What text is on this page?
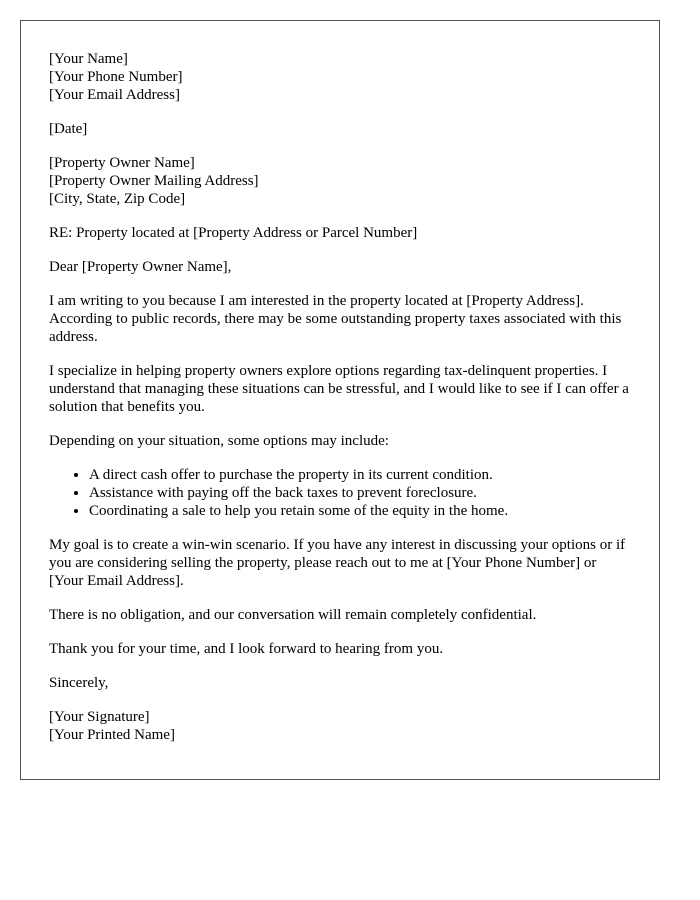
[Your Name]
[Your Phone Number]
[Your Email Address]
[Date]
[Property Owner Name]
[Property Owner Mailing Address]
[City, State, Zip Code]

RE: Property located at [Property Address or Parcel Number]

Dear [Property Owner Name],

I am writing to you because I am interested in the property located at [Property Address]. According to public records, there may be some outstanding property taxes associated with this address.

I specialize in helping property owners explore options regarding tax-delinquent properties. I understand that managing these situations can be stressful, and I would like to see if I can offer a solution that benefits you.

Depending on your situation, some options may include:

• A direct cash offer to purchase the property in its current condition.
• Assistance with paying off the back taxes to prevent foreclosure.
• Coordinating a sale to help you retain some of the equity in the home.

My goal is to create a win-win scenario. If you have any interest in discussing your options or if you are considering selling the property, please reach out to me at [Your Phone Number] or [Your Email Address].

There is no obligation, and our conversation will remain completely confidential.

Thank you for your time, and I look forward to hearing from you.

Sincerely,

[Your Signature]
[Your Printed Name]
